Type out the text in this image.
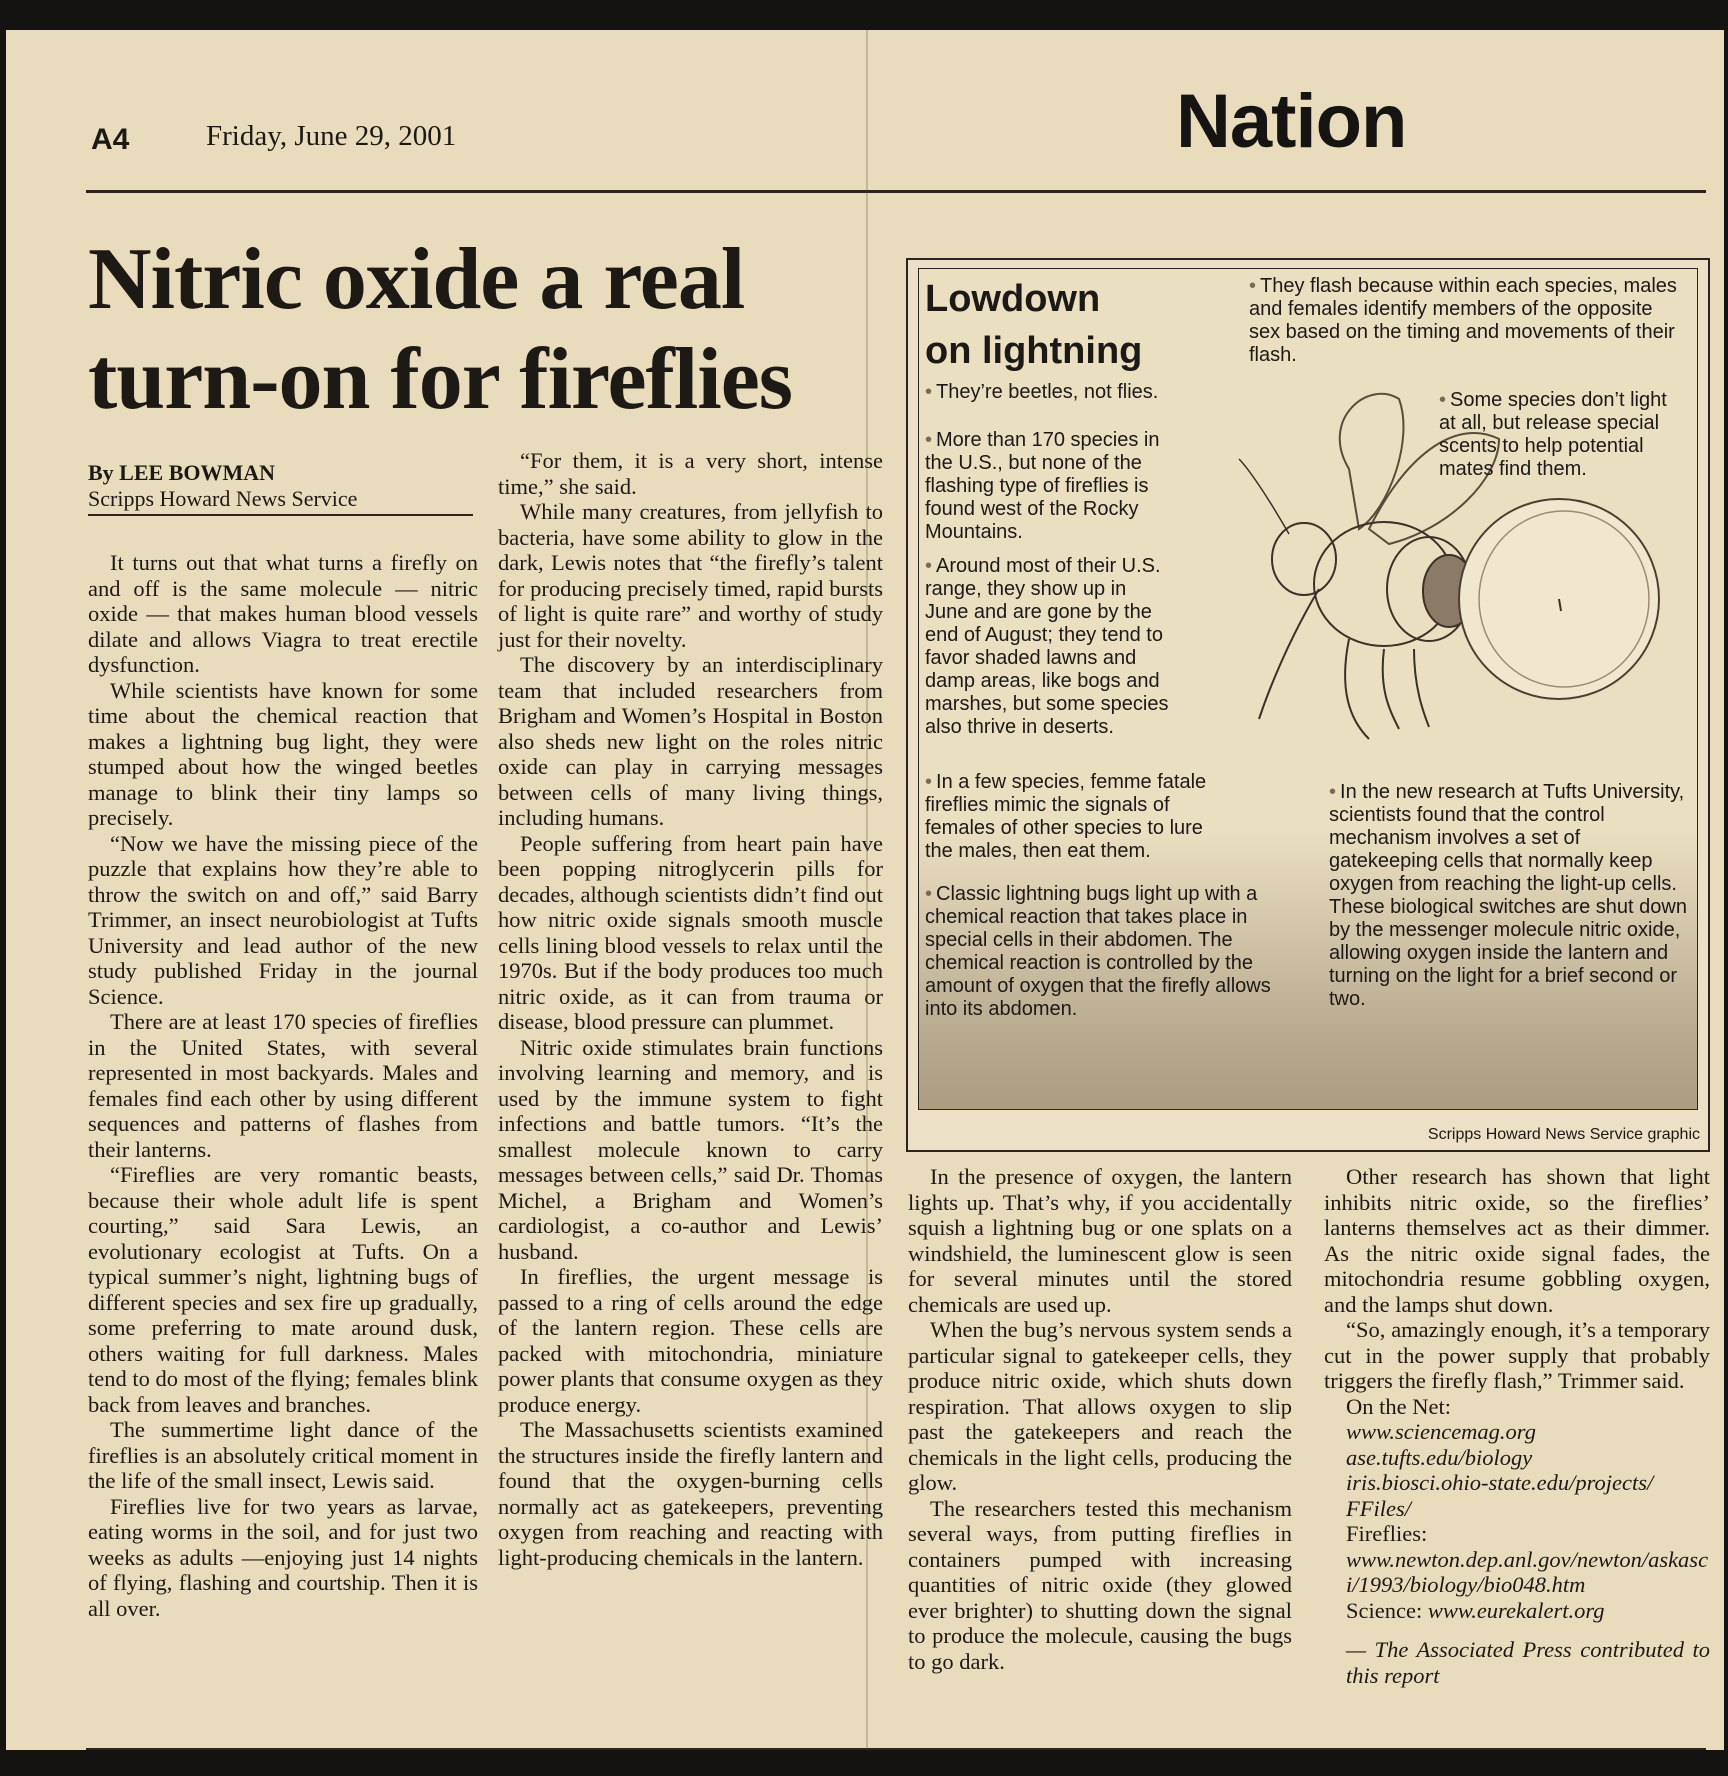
A4	Friday, June 29, 2001	Nation
Nitric oxide a real turn-on for fireflies
By LEE BOWMAN
Scripps Howard News Service

It turns out that what turns a firefly on and off is the same molecule — nitric oxide — that makes human blood vessels dilate and allows Viagra to treat erectile dysfunction.

While scientists have known for some time about the chemical reaction that makes a lightning bug light, they were stumped about how the winged beetles manage to blink their tiny lamps so precisely.

“Now we have the missing piece of the puzzle that explains how they’re able to throw the switch on and off,” said Barry Trimmer, an insect neurobiologist at Tufts University and lead author of the new study published Friday in the journal Science.

There are at least 170 species of fireflies in the United States, with several represented in most backyards. Males and females find each other by using different sequences and patterns of flashes from their lanterns.

“Fireflies are very romantic beasts, because their whole adult life is spent courting,” said Sara Lewis, an evolutionary ecologist at Tufts. On a typical summer’s night, lightning bugs of different species and sex fire up gradually, some preferring to mate around dusk, others waiting for full darkness. Males tend to do most of the flying; females blink back from leaves and branches.

The summertime light dance of the fireflies is an absolutely critical moment in the life of the small insect, Lewis said.

Fireflies live for two years as larvae, eating worms in the soil, and for just two weeks as adults —enjoying just 14 nights of flying, flashing and courtship. Then it is all over.

“For them, it is a very short, intense time,” she said.

While many creatures, from jellyfish to bacteria, have some ability to glow in the dark, Lewis notes that “the firefly’s talent for producing precisely timed, rapid bursts of light is quite rare” and worthy of study just for their novelty.

The discovery by an interdisciplinary team that included researchers from Brigham and Women’s Hospital in Boston also sheds new light on the roles nitric oxide can play in carrying messages between cells of many living things, including humans.

People suffering from heart pain have been popping nitroglycerin pills for decades, although scientists didn’t find out how nitric oxide signals smooth muscle cells lining blood vessels to relax until the 1970s. But if the body produces too much nitric oxide, as it can from trauma or disease, blood pressure can plummet.

Nitric oxide stimulates brain functions involving learning and memory, and is used by the immune system to fight infections and battle tumors. “It’s the smallest molecule known to carry messages between cells,” said Dr. Thomas Michel, a Brigham and Women’s cardiologist, a co-author and Lewis’ husband.

In fireflies, the urgent message is passed to a ring of cells around the edge of the lantern region. These cells are packed with mitochondria, miniature power plants that consume oxygen as they produce energy.

The Massachusetts scientists examined the structures inside the firefly lantern and found that the oxygen-burning cells normally act as gatekeepers, preventing oxygen from reaching and reacting with light-producing chemicals in the lantern.

Lowdown
on lightning
• They’re beetles, not flies.
• More than 170 species in the U.S., but none of the flashing type of fireflies is found west of the Rocky Mountains.
• Around most of their U.S. range, they show up in June and are gone by the end of August; they tend to favor shaded lawns and damp areas, like bogs and marshes, but some species also thrive in deserts.
• In a few species, femme fatale fireflies mimic the signals of females of other species to lure the males, then eat them.
• Classic lightning bugs light up with a chemical reaction that takes place in special cells in their abdomen. The chemical reaction is controlled by the amount of oxygen that the firefly allows into its abdomen.
• They flash because within each species, males and females identify members of the opposite sex based on the timing and movements of their flash.
• Some species don’t light at all, but release special scents to help potential mates find them.
• In the new research at Tufts University, scientists found that the control mechanism involves a set of gatekeeping cells that normally keep oxygen from reaching the light-up cells. These biological switches are shut down by the messenger molecule nitric oxide, allowing oxygen inside the lantern and turning on the light for a brief second or two.
Scripps Howard News Service graphic

In the presence of oxygen, the lantern lights up. That’s why, if you accidentally squish a lightning bug or one splats on a windshield, the luminescent glow is seen for several minutes until the stored chemicals are used up.

When the bug’s nervous system sends a particular signal to gatekeeper cells, they produce nitric oxide, which shuts down respiration. That allows oxygen to slip past the gatekeepers and reach the chemicals in the light cells, producing the glow.

The researchers tested this mechanism several ways, from putting fireflies in containers pumped with increasing quantities of nitric oxide (they glowed ever brighter) to shutting down the signal to produce the molecule, causing the bugs to go dark.

Other research has shown that light inhibits nitric oxide, so the fireflies’ lanterns themselves act as their dimmer. As the nitric oxide signal fades, the mitochondria resume gobbling oxygen, and the lamps shut down.

“So, amazingly enough, it’s a temporary cut in the power supply that probably triggers the firefly flash,” Trimmer said.

On the Net:

www.sciencemag.org

ase.tufts.edu/biology

iris.biosci.ohio-state.edu/projects/ FFiles/

Fireflies:

www.newton.dep.anl.gov/newton/askasci/1993/biology/bio048.htm

Science: www.eurekalert.org

— The Associated Press contributed to this report
